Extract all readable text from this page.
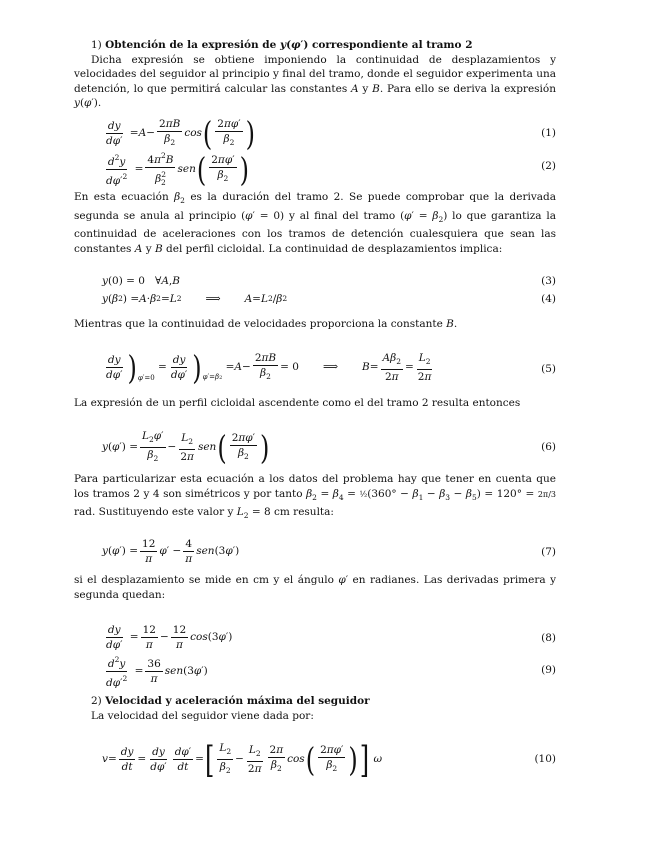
1) Obtención de la expresión de y(φ′) correspondiente al tramo 2
Dicha expresión se obtiene imponiendo la continuidad de desplazamientos y velocidades del seguidor al principio y final del tramo, donde el seguidor experimenta una detención, lo que permitirá calcular las constantes A y B. Para ello se deriva la expresión y(φ′).
$\frac{dy}{d\varphi'} = A - \frac{2\pi B}{\beta_2}$ cos ( $\frac{2\pi\varphi'}{\beta_2}$ )	(1)
$\frac{d^2y}{d\varphi'^2} = \frac{4\pi^2B}{\beta^2_2}$ sen ( $\frac{2\pi\varphi'}{\beta_2}$ )	(2)
En esta ecuación $\beta_2$ es la duración del tramo 2. Se puede comprobar que la derivada segunda se anula al principio (φ′ = 0) y al final del tramo $(\varphi' = \beta_2)$ lo que garantiza la continuidad de aceleraciones con los tramos de detención cualesquiera que sean las constantes A y B del perfil cicloidal. La continuidad de desplazamientos implica:
y (0) = 0   ∀ A , B	(3)
y ( β 2 ) = A · β 2 = L 2 ⟹ A = L 2 / β 2	(4)
Mientras que la continuidad de velocidades proporciona la constante B.
$\frac{dy}{d\varphi'}$ ) φ′=0
= $\frac{dy}{d\varphi'}$ ) φ′=β2
= $A - \frac{2\pi B}{\beta_2} = 0$
⟹ $B = \frac{A\beta_2}{2\pi} = \frac{L_2}{2\pi}$	(5)
La expresión de un perfil cicloidal ascendente como el del tramo 2 resulta entonces
y ( φ ′) = $\frac{L_2\varphi'}{\beta_2} - \frac{L_2}{2\pi}$ sen ( $\frac{2\pi\varphi'}{\beta_2}$ )	(6)
Para particularizar esta ecuación a los datos del problema hay que tener en cuenta que los tramos 2 y 4 son simétricos y por tanto $\beta_2 = \beta_4$ = ½(360° − $\beta_1 - \beta_3 - \beta_5) = 120^\circ = 2\pi/3$ rad. Sustituyendo este valor y $L_2 = 8$ cm resulta:
y ( φ ′) = $\frac{12}{\pi}$ φ ′ − $\frac{4}{\pi}$ sen (3 φ ′)	(7)
si el desplazamiento se mide en cm y el ángulo φ′ en radianes. Las derivadas primera y segunda quedan:
$\frac{dy}{d\varphi'} = \frac{12}{\pi} - \frac{12}{\pi}$ cos (3 φ ′)	(8)
$\frac{d^2y}{d\varphi'^2} = \frac{36}{\pi}$ sen (3 φ ′)	(9)
2) Velocidad y aceleración máxima del seguidor
La velocidad del seguidor viene dada por:
$v = \frac{dy}{dt} = \frac{dy}{d\varphi'} \frac{d\varphi'}{dt}$ = [ $\frac{L_2}{\beta_2} - \frac{L_2}{2\pi} \frac{2\pi}{\beta_2}$ cos ( $\frac{2\pi\varphi'}{\beta_2}$ ) ]
ω	(10)
